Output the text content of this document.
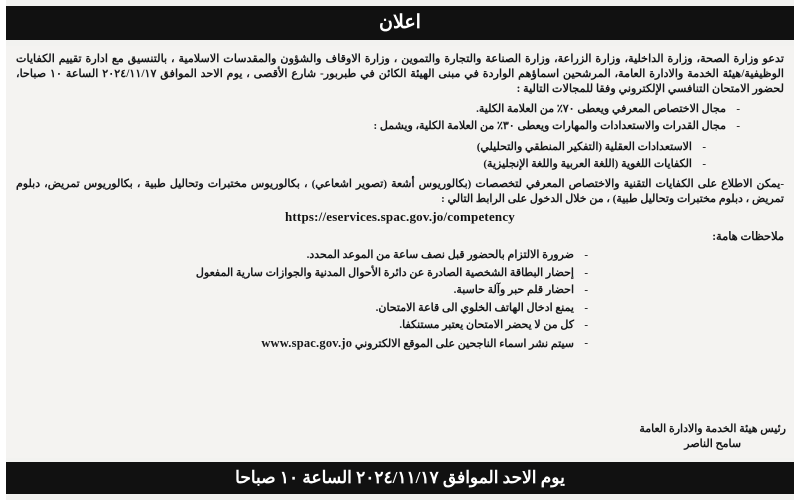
اعلان

تدعو وزارة الصحة، وزارة الداخلية، وزارة الزراعة، وزارة الصناعة والتجارة والتموين ، وزارة الاوقاف والشؤون والمقدسات الاسلامية ، بالتنسيق مع ادارة تقييم الكفايات الوظيفية/هيئة الخدمة والادارة العامة، المرشحين اسماؤهم الواردة في مبنى الهيئة الكائن في طبربور- شارع الأقصى ، يوم الاحد الموافق ٢٠٢٤/١١/١٧ الساعة ١٠ صباحا، لحضور الامتحان التنافسي الإلكتروني وفقا للمجالات التالية :

- مجال الاختصاص المعرفي ويعطى ٧٠٪ من العلامة الكلية.
- مجال القدرات والاستعدادات والمهارات ويعطى ٣٠٪ من العلامة الكلية، ويشمل :
- الاستعدادات العقلية (التفكير المنطقي والتحليلي)
- الكفايات اللغوية (اللغة العربية واللغة الإنجليزية)

-يمكن الاطلاع على الكفايات التقنية والاختصاص المعرفي لتخصصات (بكالوريوس أشعة (تصوير اشعاعي) ، بكالوريوس مختبرات وتحاليل طبية ، بكالوريوس تمريض، دبلوم تمريض ، دبلوم مختبرات وتحاليل طبية) ، من خلال الدخول على الرابط التالي :

https://eservices.spac.gov.jo/competency
ملاحظات هامة:
- ضرورة الالتزام بالحضور قبل نصف ساعة من الموعد المحدد.
- إحضار البطاقة الشخصية الصادرة عن دائرة الأحوال المدنية والجوازات سارية المفعول
- احضار قلم حبر وآلة حاسبة.
- يمنع ادخال الهاتف الخلوي الى قاعة الامتحان.
- كل من لا يحضر الامتحان يعتبر مستنكفا.
- سيتم نشر اسماء الناجحين على الموقع الالكتروني www.spac.gov.jo
رئيس هيئة الخدمة والادارة العامة
سامح الناصر
يوم الاحد الموافق ٢٠٢٤/١١/١٧ الساعة ١٠ صباحا
